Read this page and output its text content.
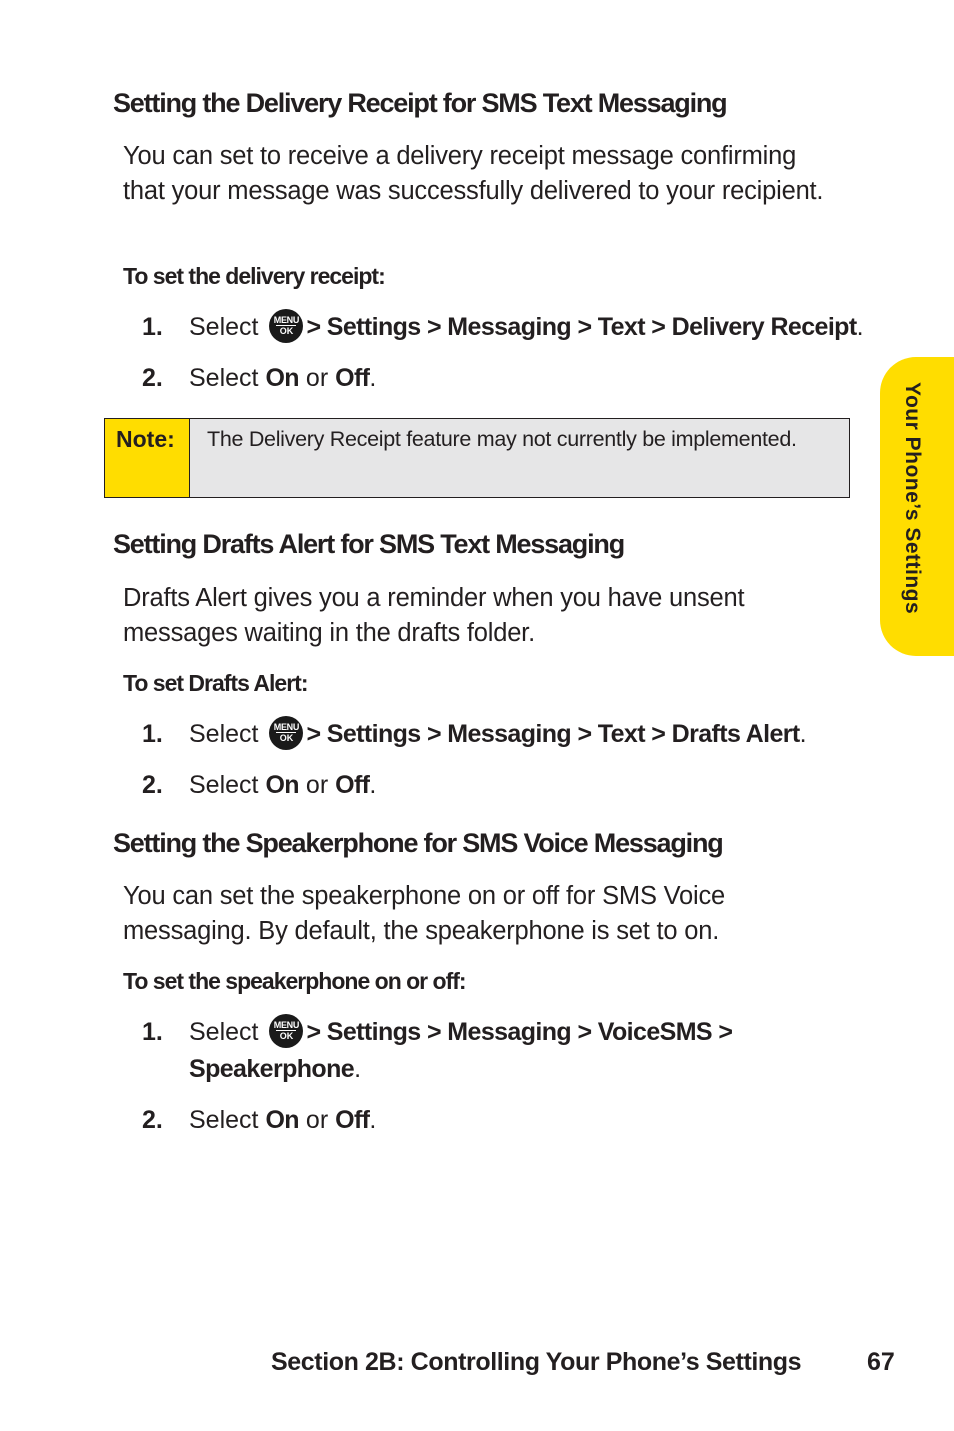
Setting the Delivery Receipt for SMS Text Messaging

You can set to receive a delivery receipt message confirming that your message was successfully delivered to your recipient.

To set the delivery receipt:

1. Select	MENU
OK > Settings > Messaging > Text > Delivery Receipt.
2. Select On or Off.
Note:	The Delivery Receipt feature may not currently be implemented.
Setting Drafts Alert for SMS Text Messaging

Drafts Alert gives you a reminder when you have unsent messages waiting in the drafts folder.

To set Drafts Alert:

1. Select	MENU
OK > Settings > Messaging > Text > Drafts Alert.
2. Select On or Off.
Setting the Speakerphone for SMS Voice Messaging

You can set the speakerphone on or off for SMS Voice messaging. By default, the speakerphone is set to on.

To set the speakerphone on or off:

1. Select	MENU
OK > Settings > Messaging > VoiceSMS >
Speakerphone.
2. Select On or Off.
Your Phone’s Settings
Section 2B: Controlling Your Phone’s Settings	67
